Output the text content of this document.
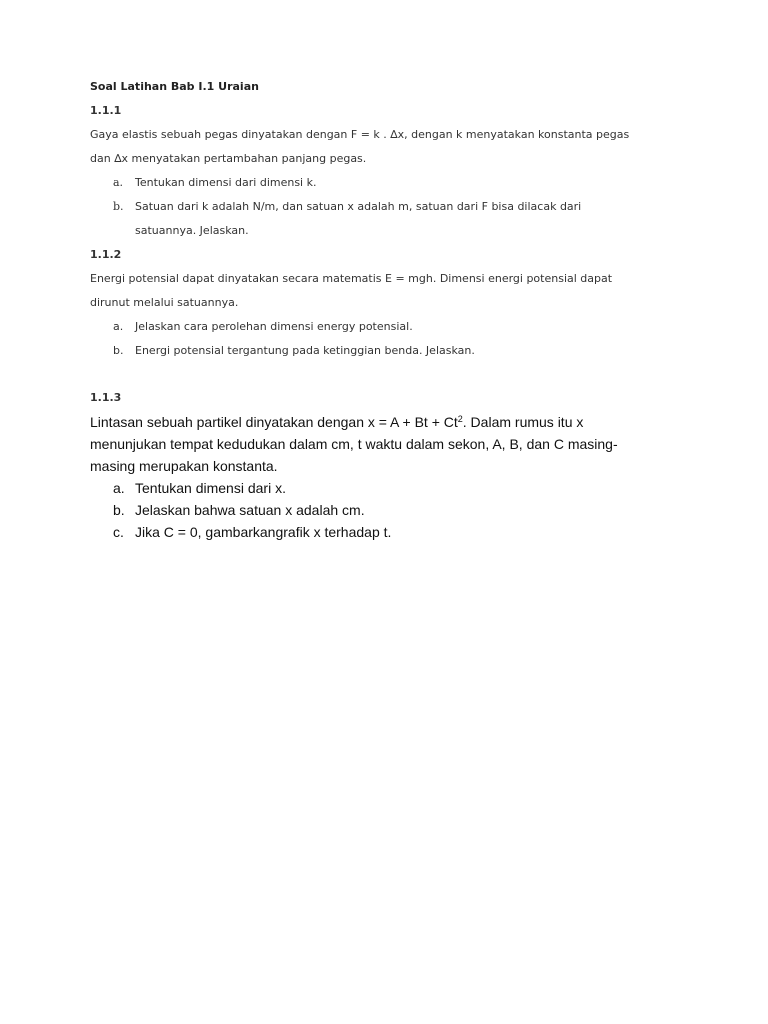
Soal Latihan Bab I.1 Uraian

1.1.1

Gaya elastis sebuah pegas dinyatakan dengan F = k . ∆x, dengan k menyatakan konstanta pegas

dan ∆x menyatakan pertambahan panjang pegas.

a. Tentukan dimensi dari dimensi k.
b. Satuan dari k adalah N/m, dan satuan x adalah m, satuan dari F bisa dilacak dari
satuannya. Jelaskan.

1.1.2

Energi potensial dapat dinyatakan secara matematis E = mgh. Dimensi energi potensial dapat

dirunut melalui satuannya.

a. Jelaskan cara perolehan dimensi energy potensial.
b. Energi potensial tergantung pada ketinggian benda. Jelaskan.

1.1.3

Lintasan sebuah partikel dinyatakan dengan $x = A + Bt + Ct^2$. Dalam rumus itu x

menunjukan tempat kedudukan dalam cm, t waktu dalam sekon, A, B, dan C masing-

masing merupakan konstanta.

a. Tentukan dimensi dari x.
b. Jelaskan bahwa satuan x adalah cm.
c. Jika C = 0, gambarkangrafik x terhadap t.
